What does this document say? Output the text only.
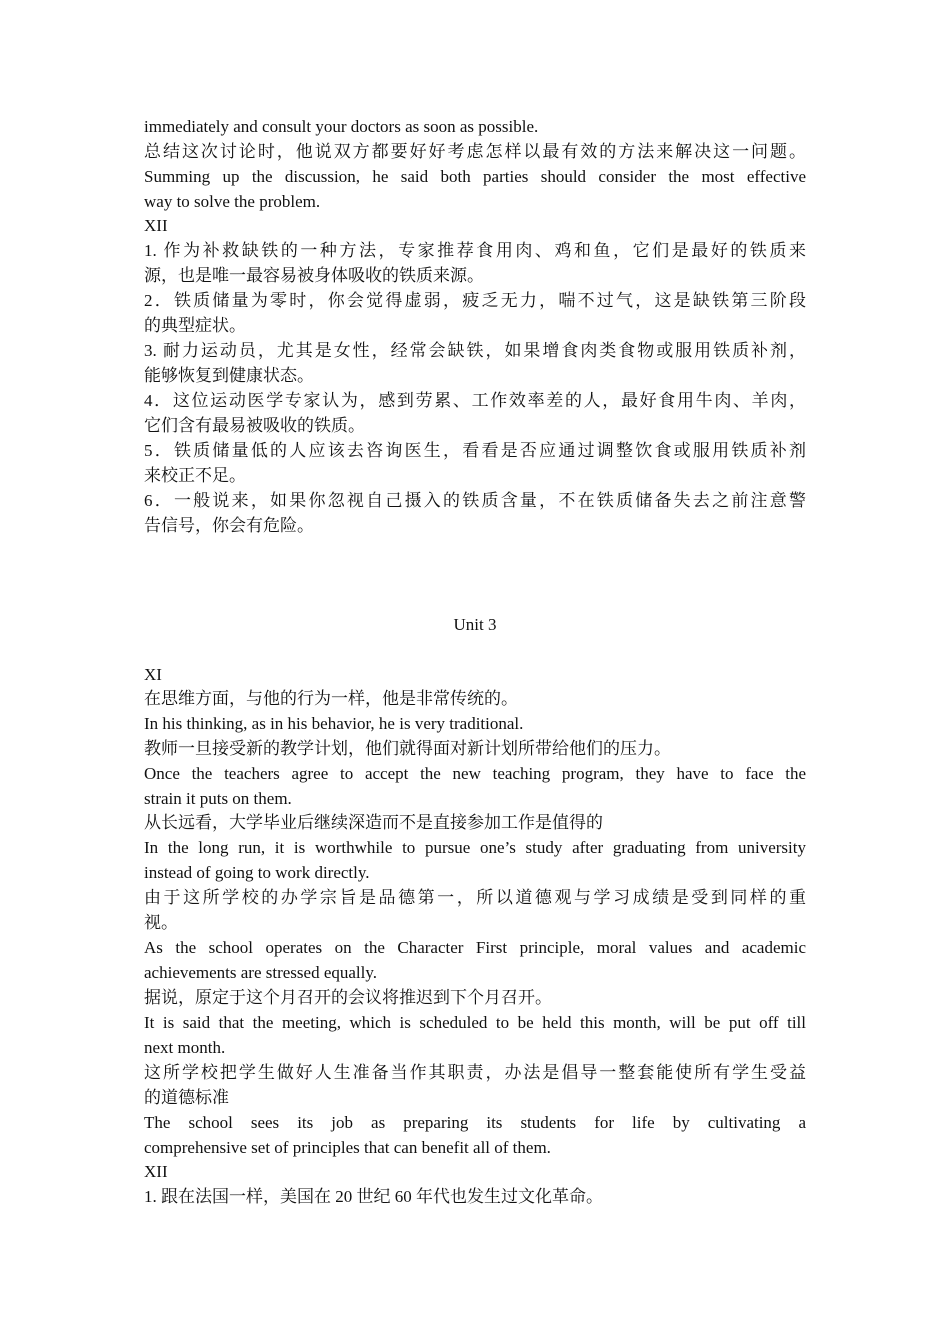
immediately and consult your doctors as soon as possible.
总结这次讨论时，他说双方都要好好考虑怎样以最有效的方法来解决这一问题。
Summing up the discussion, he said both parties should consider the most effective
way to solve the problem.
XII
1. 作为补救缺铁的一种方法，专家推荐食用肉、鸡和鱼，它们是最好的铁质来
源，也是唯一最容易被身体吸收的铁质来源。
2．铁质储量为零时，你会觉得虚弱，疲乏无力，喘不过气，这是缺铁第三阶段
的典型症状。
3. 耐力运动员，尤其是女性，经常会缺铁，如果增食肉类食物或服用铁质补剂，
能够恢复到健康状态。
4．这位运动医学专家认为，感到劳累、工作效率差的人，最好食用牛肉、羊肉，
它们含有最易被吸收的铁质。
5．铁质储量低的人应该去咨询医生，看看是否应通过调整饮食或服用铁质补剂
来校正不足。
6．一般说来，如果你忽视自己摄入的铁质含量，不在铁质储备失去之前注意警
告信号，你会有危险。
Unit 3
XI
在思维方面，与他的行为一样，他是非常传统的。
In his thinking, as in his behavior, he is very traditional.
教师一旦接受新的教学计划，他们就得面对新计划所带给他们的压力。
Once the teachers agree to accept the new teaching program, they have to face the
strain it puts on them.
从长远看，大学毕业后继续深造而不是直接参加工作是值得的
In the long run, it is worthwhile to pursue one’s study after graduating from university
instead of going to work directly.
由于这所学校的办学宗旨是品德第一，所以道德观与学习成绩是受到同样的重
视。
As the school operates on the Character First principle, moral values and academic
achievements are stressed equally.
据说，原定于这个月召开的会议将推迟到下个月召开。
It is said that the meeting, which is scheduled to be held this month, will be put off till
next month.
这所学校把学生做好人生准备当作其职责，办法是倡导一整套能使所有学生受益
的道德标准
The school sees its job as preparing its students for life by cultivating a
comprehensive set of principles that can benefit all of them.
XII
1. 跟在法国一样，美国在 20 世纪 60 年代也发生过文化革命。
